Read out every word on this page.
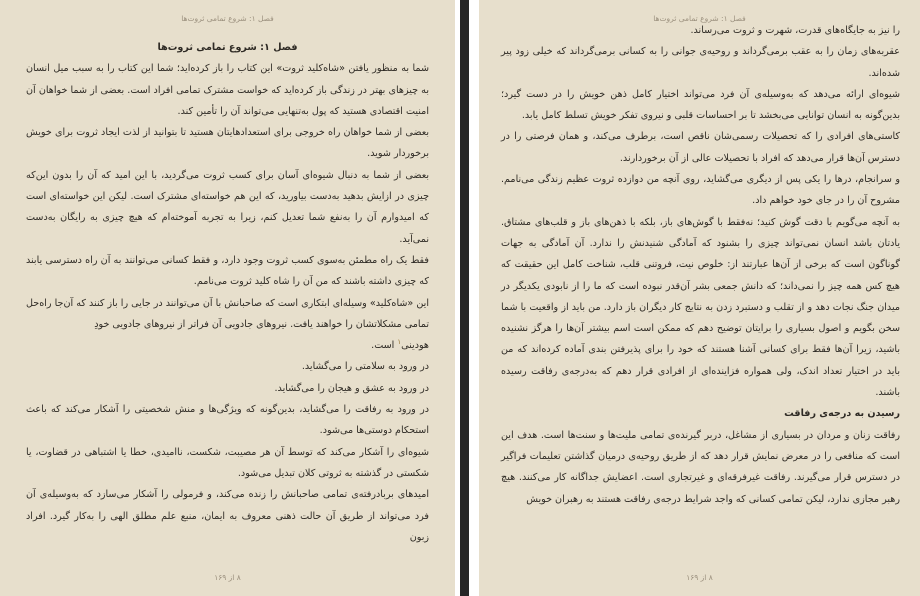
فصل ۱: شروع تمامی ثروت‌ها

فصل ۱: شروع تمامی ثروت‌ها

شما به منظور یافتن «شاه‌کلید ثروت» این کتاب را باز کرده‌اید؛ شما این کتاب را به سبب میل انسان به چیزهای بهتر در زندگی باز کرده‌اید که خواست مشترک تمامی افراد است. بعضی از شما خواهان آن امنیت اقتصادی هستید که پول به‌تنهایی می‌تواند آن را تأمین کند.

بعضی از شما خواهان راه خروجی برای استعدادهایتان هستید تا بتوانید از لذت ایجاد ثروت برای خویش برخوردار شوید.

بعضی از شما به دنبال شیوه‌ای آسان برای کسب ثروت می‌گردید، با این امید که آن را بدون این‌که چیزی در ازایش بدهید به‌دست بیاورید، که این هم خواسته‌ای مشترک است. لیکن این خواسته‌ای است که امیدوارم آن را به‌نفع شما تعدیل کنم، زیرا به تجربه آموخته‌ام که هیچ چیزی به رایگان به‌دست نمی‌آید.

فقط یک راه مطمئن به‌سوی کسب ثروت وجود دارد، و فقط کسانی می‌توانند به آن راه دسترسی یابند که چیزی داشته باشند که من آن را شاه کلید ثروت می‌نامم.

این «شاه‌کلید» وسیله‌ای ابتکاری است که صاحبانش با آن می‌توانند در جایی را باز کنند که آن‌جا راه‌حل تمامی مشکلاتشان را خواهند یافت. نیروهای جادویی آن فراتر از نیروهای جادویی خودِ

هودینی$^۱$ است.

در ورود به سلامتی را می‌گشاید.

در ورود به عشق و هیجان را می‌گشاید.

در ورود به رفاقت را می‌گشاید، بدین‌گونه که ویژگی‌ها و منش شخصیتی را آشکار می‌کند که باعث استحکام دوستی‌ها می‌شود.

شیوه‌ای را آشکار می‌کند که توسط آن هر مصیبت، شکست، ناامیدی، خطا یا اشتباهی در قضاوت، یا شکستی در گذشته به ثروتی کلان تبدیل می‌شود.

امیدهای بربادرفته‌ی تمامی صاحبانش را زنده می‌کند، و فرمولی را آشکار می‌سازد که به‌وسیله‌ی آن فرد می‌تواند از طریق آن حالت ذهنی معروف به ایمان، منبع علم مطلق الهی را به‌کار گیرد. افراد زبون

۸ از ۱۶۹
فصل ۱: شروع تمامی ثروت‌ها

را نیز به جایگاه‌های قدرت، شهرت و ثروت می‌رساند.

عقربه‌های زمان را به عقب برمی‌گرداند و روحیه‌ی جوانی را به کسانی برمی‌گرداند که خیلی زود پیر شده‌اند.

شیوه‌ای ارائه می‌دهد که به‌وسیله‌ی آن فرد می‌تواند اختیار کامل ذهن خویش را در دست گیرد؛ بدین‌گونه به انسان توانایی می‌بخشد تا بر احساسات قلبی و نیروی تفکر خویش تسلط کامل یابد.

کاستی‌های افرادی را که تحصیلات رسمی‌شان ناقص است، برطرف می‌کند، و همان فرصتی را در دسترس آن‌ها قرار می‌دهد که افراد با تحصیلات عالی از آن برخوردارند.

و سرانجام، درها را یکی پس از دیگری می‌گشاید، روی آنچه من دوازده ثروت عظیم زندگی می‌نامم. مشروح آن را در جای خود خواهم داد.

به آنچه می‌گویم با دقت گوش کنید؛ نه‌فقط با گوش‌های باز، بلکه با ذهن‌های باز و قلب‌های مشتاق. یادتان باشد انسان نمی‌تواند چیزی را بشنود که آمادگی شنیدنش را ندارد. آن آمادگی به جهات گوناگون است که برخی از آن‌ها عبارتند از: خلوص نیت، فروتنی قلب، شناخت کامل این حقیقت که هیچ کس همه چیز را نمی‌داند؛ که دانش جمعی بشر آن‌قدر نبوده است که ما را از نابودی یکدیگر در میدان جنگ نجات دهد و از تقلب و دستبرد زدن به نتایج کار دیگران باز دارد. من باید از واقعیت با شما سخن بگویم و اصول بسیاری را برایتان توضیح دهم که ممکن است اسم بیشتر آن‌ها را هرگز نشنیده باشید، زیرا آن‌ها فقط برای کسانی آشنا هستند که خود را برای پذیرفتن بندی آماده کرده‌اند که من باید در اختیار تعداد اندک، ولی همواره فزاینده‌ای از افرادی قرار دهم که به‌درجه‌ی رفاقت رسیده باشند.

رسیدن به درجه‌ی رفاقت

رفاقت زنان و مردان در بسیاری از مشاغل، دربر گیرنده‌ی تمامی ملیت‌ها و سنت‌ها است. هدف این است که منافعی را در معرض نمایش قرار دهد که از طریق روحیه‌ی درمیان گذاشتن تعلیمات فراگیر در دسترس قرار می‌گیرند. رفاقت غیرفرقه‌ای و غیرتجاری است. اعضایش جداگانه کار می‌کنند. هیچ رهبر مجازی ندارد، لیکن تمامی کسانی که واجد شرایط درجه‌ی رفاقت هستند به رهبران خویش

۸ از ۱۶۹
